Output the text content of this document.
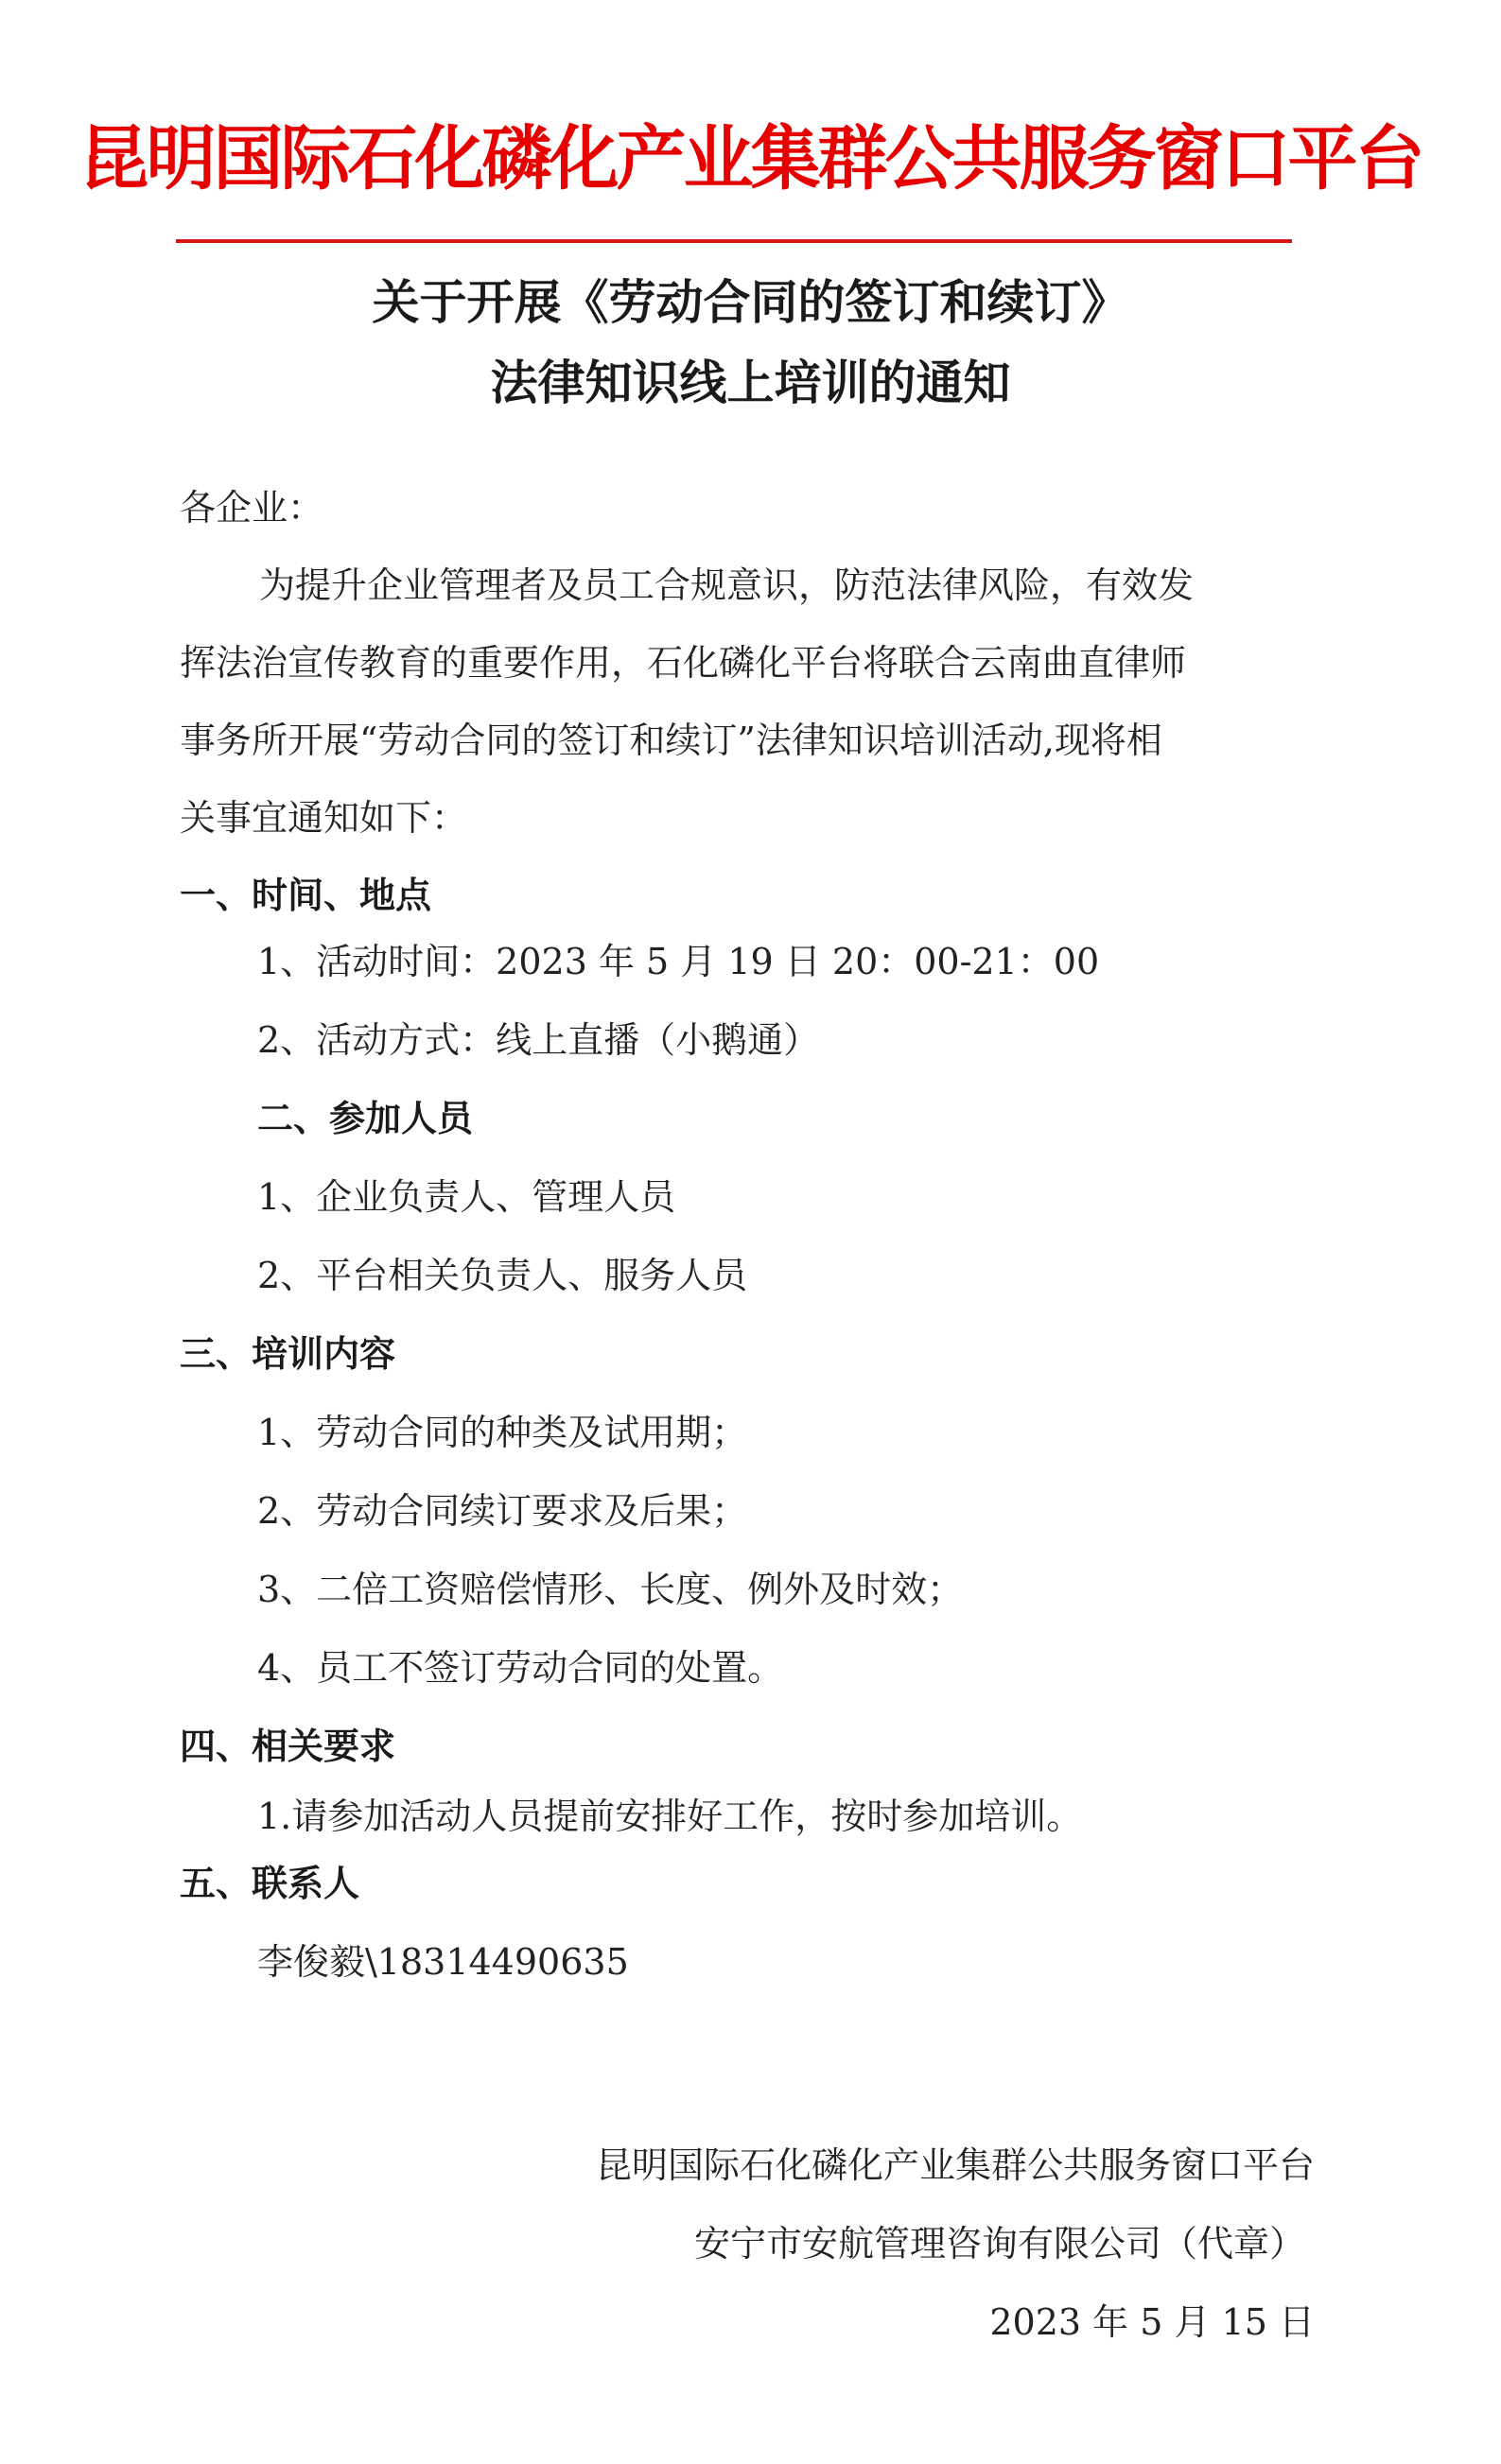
昆明国际石化磷化产业集群公共服务窗口平台
关于开展《劳动合同的签订和续订》
法律知识线上培训的通知
各企业：
为提升企业管理者及员工合规意识，防范法律风险，有效发
挥法治宣传教育的重要作用，石化磷化平台将联合云南曲直律师
事务所开展“劳动合同的签订和续订”法律知识培训活动,现将相
关事宜通知如下：
一、时间、地点
1、活动时间：2023 年 5 月 19 日 20：00-21：00
2、活动方式：线上直播（小鹅通）
二、参加人员
1、企业负责人、管理人员
2、平台相关负责人、服务人员
三、培训内容
1、劳动合同的种类及试用期；
2、劳动合同续订要求及后果；
3、二倍工资赔偿情形、长度、例外及时效；
4、员工不签订劳动合同的处置。
四、相关要求
1.请参加活动人员提前安排好工作，按时参加培训。
五、联系人
李俊毅\18314490635
昆明国际石化磷化产业集群公共服务窗口平台
安宁市安航管理咨询有限公司（代章）
2023 年 5 月 15 日
